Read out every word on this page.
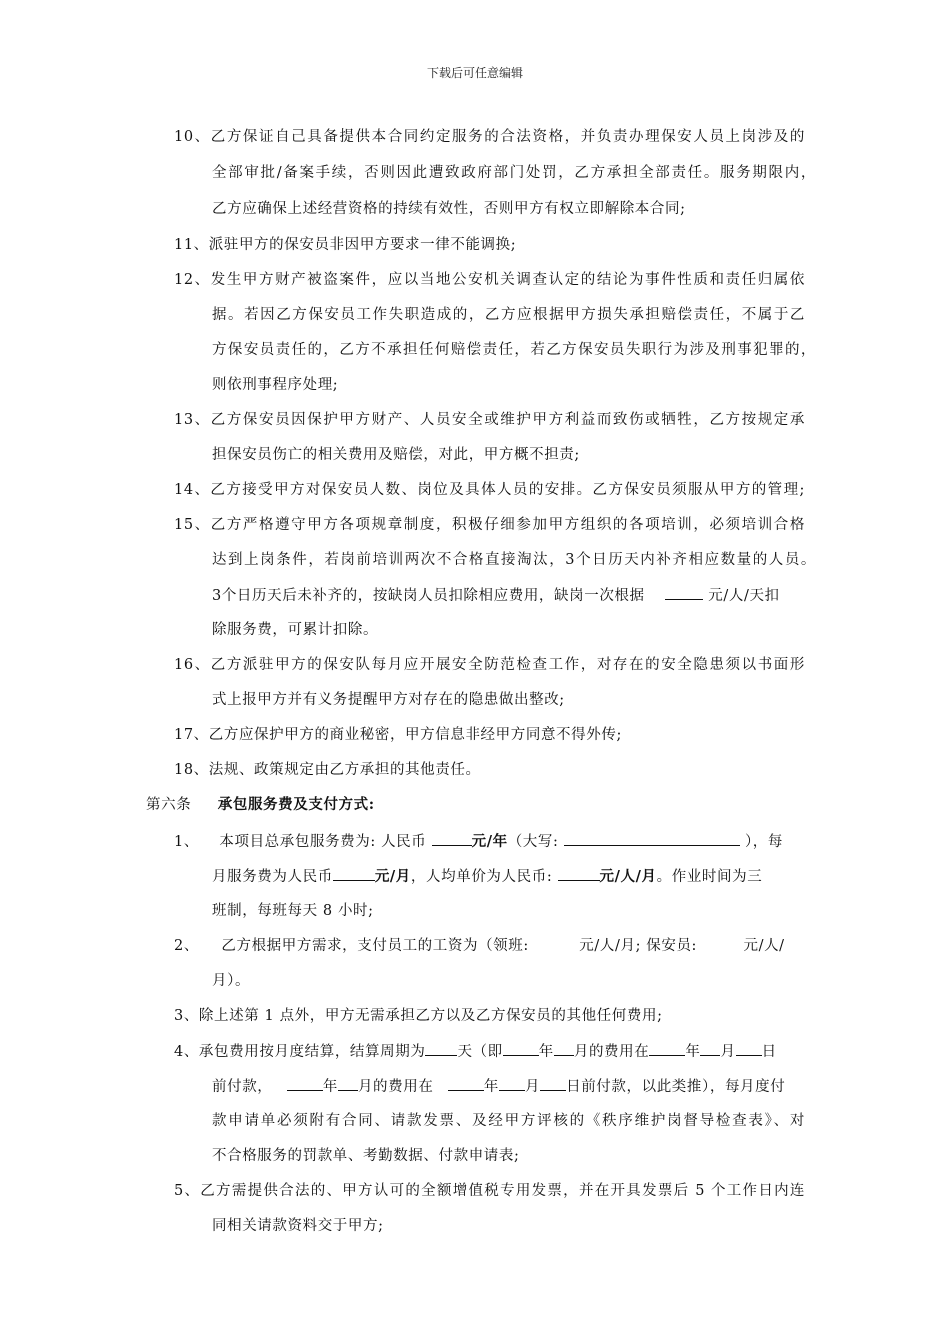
下载后可任意编辑
10、乙方保证自己具备提供本合同约定服务的合法资格，并负责办理保安人员上岗涉及的
全部审批/备案手续，否则因此遭致政府部门处罚，乙方承担全部责任。服务期限内，
乙方应确保上述经营资格的持续有效性，否则甲方有权立即解除本合同;
11、派驻甲方的保安员非因甲方要求一律不能调换;
12、发生甲方财产被盗案件，应以当地公安机关调查认定的结论为事件性质和责任归属依
据。若因乙方保安员工作失职造成的，乙方应根据甲方损失承担赔偿责任，不属于乙
方保安员责任的，乙方不承担任何赔偿责任，若乙方保安员失职行为涉及刑事犯罪的，
则依刑事程序处理;
13、乙方保安员因保护甲方财产、人员安全或维护甲方利益而致伤或牺牲，乙方按规定承
担保安员伤亡的相关费用及赔偿，对此，甲方概不担责;
14、乙方接受甲方对保安员人数、岗位及具体人员的安排。乙方保安员须服从甲方的管理;
15、乙方严格遵守甲方各项规章制度，积极仔细参加甲方组织的各项培训，必须培训合格
达到上岗条件，若岗前培训两次不合格直接淘汰，3个日历天内补齐相应数量的人员。
3个日历天后未补齐的，按缺岗人员扣除相应费用，缺岗一次根据	元/人/天扣
除服务费，可累计扣除。
16、乙方派驻甲方的保安队每月应开展安全防范检查工作，对存在的安全隐患须以书面形
式上报甲方并有义务提醒甲方对存在的隐患做出整改;
17、乙方应保护甲方的商业秘密，甲方信息非经甲方同意不得外传;
18、法规、政策规定由乙方承担的其他责任。
第六条 承包服务费及支付方式:
1、 本项目总承包服务费为: 人民币	元/年（大写:	），每
月服务费为人民币	元/月，人均单价为人民币:	元/人/月。作业时间为三
班制，每班每天 8 小时;
2、 乙方根据甲方需求，支付员工的工资为（领班:	元/人/月; 保安员:	元/人/
月）。
3、除上述第 1 点外，甲方无需承担乙方以及乙方保安员的其他任何费用;
4、承包费用按月度结算，结算周期为 天（即 年 月的费用在 年 月 日
前付款，	年 月的费用在	年 月 日前付款，以此类推），每月度付
款申请单必须附有合同、请款发票、及经甲方评核的《秩序维护岗督导检查表》、对
不合格服务的罚款单、考勤数据、付款申请表;
5、乙方需提供合法的、甲方认可的全额增值税专用发票，并在开具发票后 5 个工作日内连
同相关请款资料交于甲方;
